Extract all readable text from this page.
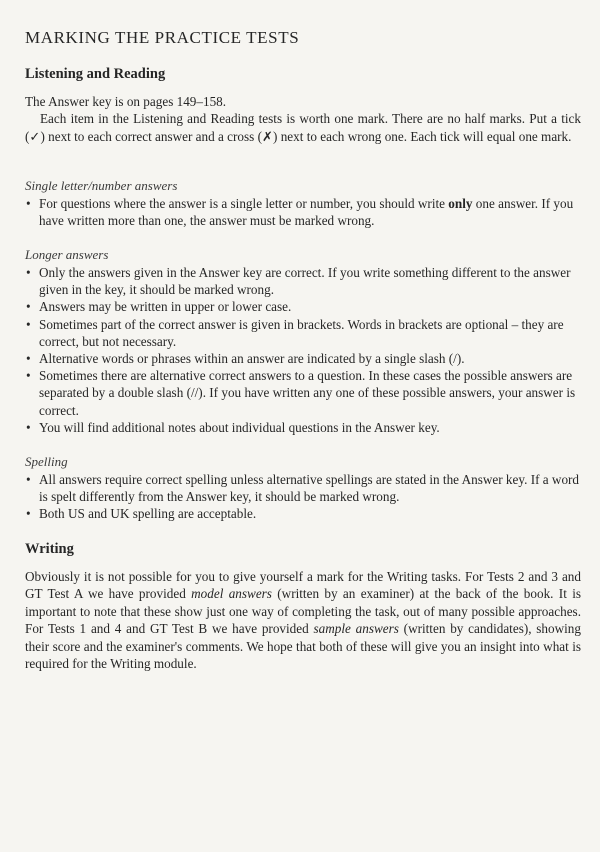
MARKING THE PRACTICE TESTS
Listening and Reading
The Answer key is on pages 149–158.
Each item in the Listening and Reading tests is worth one mark. There are no half marks. Put a tick (✓) next to each correct answer and a cross (✗) next to each wrong one. Each tick will equal one mark.
Single letter/number answers
• For questions where the answer is a single letter or number, you should write only one answer. If you have written more than one, the answer must be marked wrong.
Longer answers
• Only the answers given in the Answer key are correct. If you write something different to the answer given in the key, it should be marked wrong.
• Answers may be written in upper or lower case.
• Sometimes part of the correct answer is given in brackets. Words in brackets are optional – they are correct, but not necessary.
• Alternative words or phrases within an answer are indicated by a single slash (/).
• Sometimes there are alternative correct answers to a question. In these cases the possible answers are separated by a double slash (//). If you have written any one of these possible answers, your answer is correct.
• You will find additional notes about individual questions in the Answer key.
Spelling
• All answers require correct spelling unless alternative spellings are stated in the Answer key. If a word is spelt differently from the Answer key, it should be marked wrong.
• Both US and UK spelling are acceptable.
Writing

Obviously it is not possible for you to give yourself a mark for the Writing tasks. For Tests 2 and 3 and GT Test A we have provided model answers (written by an examiner) at the back of the book. It is important to note that these show just one way of completing the task, out of many possible approaches. For Tests 1 and 4 and GT Test B we have provided sample answers (written by candidates), showing their score and the examiner's comments. We hope that both of these will give you an insight into what is required for the Writing module.
